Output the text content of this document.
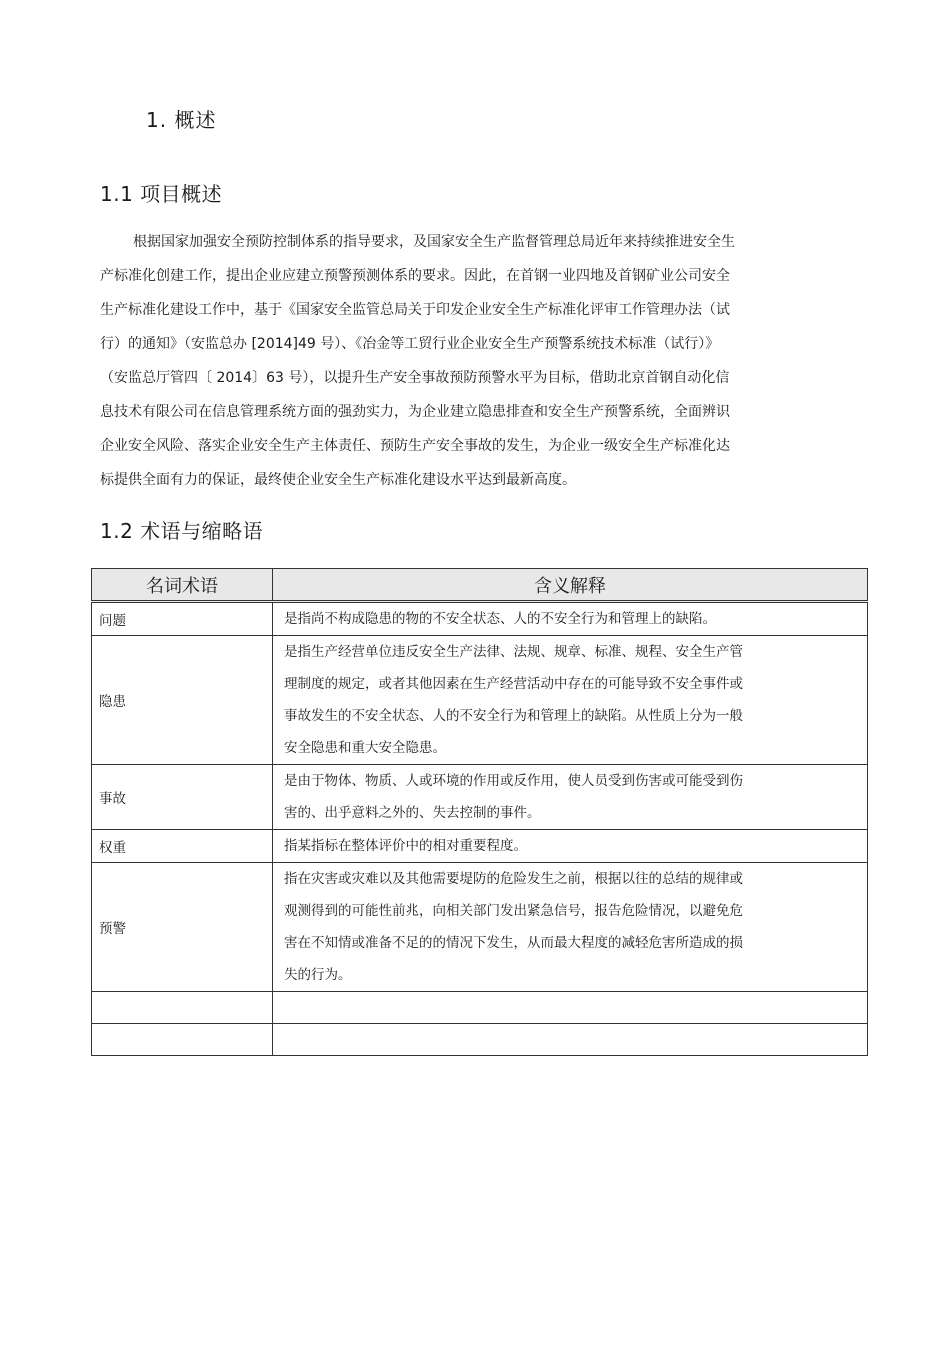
1. 概述
1.1 项目概述
根据国家加强安全预防控制体系的指导要求，及国家安全生产监督管理总局近年来持续推进安全生
产标准化创建工作，提出企业应建立预警预测体系的要求。因此，在首钢一业四地及首钢矿业公司安全
生产标准化建设工作中，基于《国家安全监管总局关于印发企业安全生产标准化评审工作管理办法（试
行）的通知》（安监总办 [2014]49 号）、《冶金等工贸行业企业安全生产预警系统技术标准（试行）》
（安监总厅管四〔 2014〕63 号），以提升生产安全事故预防预警水平为目标，借助北京首钢自动化信
息技术有限公司在信息管理系统方面的强劲实力，为企业建立隐患排查和安全生产预警系统，全面辨识
企业安全风险、落实企业安全生产主体责任、预防生产安全事故的发生，为企业一级安全生产标准化达
标提供全面有力的保证，最终使企业安全生产标准化建设水平达到最新高度。
1.2 术语与缩略语
名词术语	含义解释
问题	是指尚不构成隐患的物的不安全状态、人的不安全行为和管理上的缺陷。

隐患	是指生产经营单位违反安全生产法律、法规、规章、标准、规程、安全生产管
理制度的规定，或者其他因素在生产经营活动中存在的可能导致不安全事件或
事故发生的不安全状态、人的不安全行为和管理上的缺陷。从性质上分为一般
安全隐患和重大安全隐患。

事故	是由于物体、物质、人或环境的作用或反作用，使人员受到伤害或可能受到伤
害的、出乎意料之外的、失去控制的事件。

权重	指某指标在整体评价中的相对重要程度。

预警	指在灾害或灾难以及其他需要堤防的危险发生之前，根据以往的总结的规律或
观测得到的可能性前兆，向相关部门发出紧急信号，报告危险情况，以避免危
害在不知情或准备不足的的情况下发生，从而最大程度的减轻危害所造成的损
失的行为。
